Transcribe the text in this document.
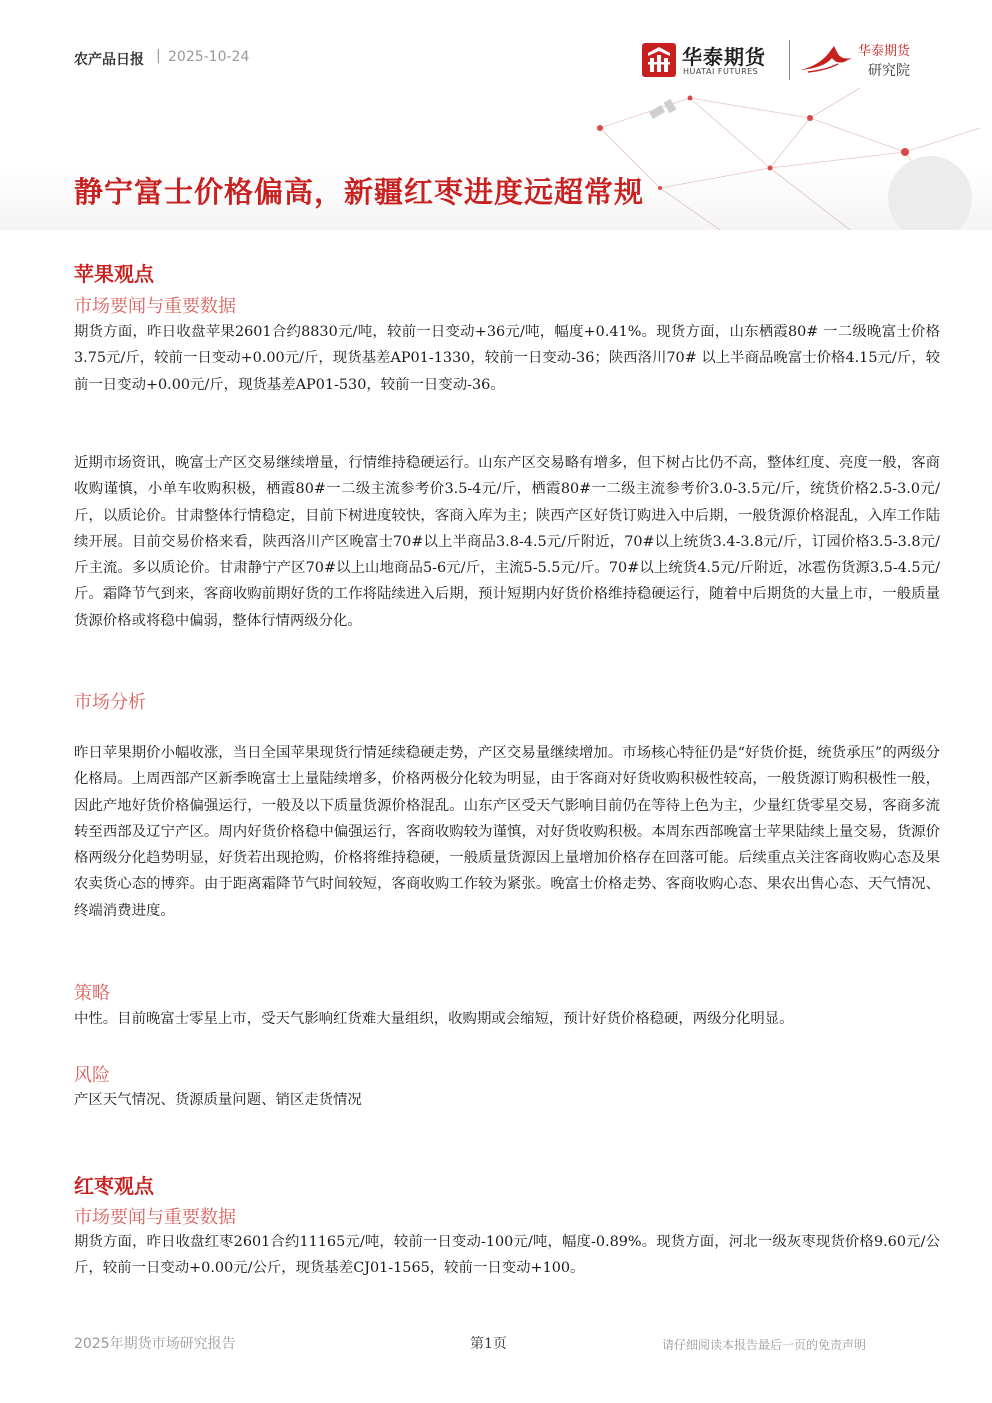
农产品日报 | 2025-10-24	华泰期货
HUATAI FUTURES
华泰期货
研究院
静宁富士价格偏高，新疆红枣进度远超常规
苹果观点
市场要闻与重要数据

期货方面，昨日收盘苹果2601合约8830元/吨，较前一日变动+36元/吨，幅度+0.41%。现货方面，山东栖霞80# 一二级晚富士价格3.75元/斤，较前一日变动+0.00元/斤，现货基差AP01-1330，较前一日变动-36；陕西洛川70# 以上半商品晚富士价格4.15元/斤，较前一日变动+0.00元/斤，现货基差AP01-530，较前一日变动-36。

近期市场资讯，晚富士产区交易继续增量，行情维持稳硬运行。山东产区交易略有增多，但下树占比仍不高，整体红度、亮度一般，客商收购谨慎，小单车收购积极，栖霞80#一二级主流参考价3.5-4元/斤，栖霞80#一二级主流参考价3.0-3.5元/斤，统货价格2.5-3.0元/斤，以质论价。甘肃整体行情稳定，目前下树进度较快，客商入库为主；陕西产区好货订购进入中后期，一般货源价格混乱，入库工作陆续开展。目前交易价格来看，陕西洛川产区晚富士70#以上半商品3.8-4.5元/斤附近，70#以上统货3.4-3.8元/斤，订园价格3.5-3.8元/斤主流。多以质论价。甘肃静宁产区70#以上山地商品5-6元/斤，主流5-5.5元/斤。70#以上统货4.5元/斤附近，冰雹伤货源3.5-4.5元/斤。霜降节气到来，客商收购前期好货的工作将陆续进入后期，预计短期内好货价格维持稳硬运行，随着中后期货的大量上市，一般质量货源价格或将稳中偏弱，整体行情两级分化。

市场分析

昨日苹果期价小幅收涨，当日全国苹果现货行情延续稳硬走势，产区交易量继续增加。市场核心特征仍是“好货价挺，统货承压”的两级分化格局。上周西部产区新季晚富士上量陆续增多，价格两极分化较为明显，由于客商对好货收购积极性较高，一般货源订购积极性一般，因此产地好货价格偏强运行，一般及以下质量货源价格混乱。山东产区受天气影响目前仍在等待上色为主，少量红货零星交易，客商多流转至西部及辽宁产区。周内好货价格稳中偏强运行，客商收购较为谨慎，对好货收购积极。本周东西部晚富士苹果陆续上量交易，货源价格两级分化趋势明显，好货若出现抢购，价格将维持稳硬，一般质量货源因上量增加价格存在回落可能。后续重点关注客商收购心态及果农卖货心态的博弈。由于距离霜降节气时间较短，客商收购工作较为紧张。晚富士价格走势、客商收购心态、果农出售心态、天气情况、终端消费进度。

策略

中性。目前晚富士零星上市，受天气影响红货难大量组织，收购期或会缩短，预计好货价格稳硬，两级分化明显。

风险

产区天气情况、货源质量问题、销区走货情况

红枣观点
市场要闻与重要数据

期货方面，昨日收盘红枣2601合约11165元/吨，较前一日变动-100元/吨，幅度-0.89%。现货方面，河北一级灰枣现货价格9.60元/公斤，较前一日变动+0.00元/公斤，现货基差CJ01-1565，较前一日变动+100。

2025年期货市场研究报告	第1页	请仔细阅读本报告最后一页的免责声明
